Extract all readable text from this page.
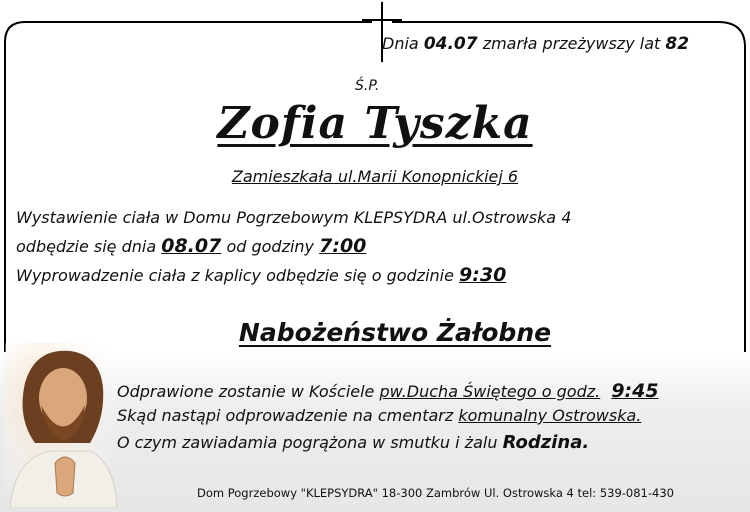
Dnia 04.07 zmarła przeżywszy lat 82
Ś.P.
Zofia Tyszka
Zamieszkała ul.Marii Konopnickiej 6
Wystawienie ciała w Domu Pogrzebowym KLEPSYDRA ul.Ostrowska 4
odbędzie się dnia 08.07 od godziny 7:00
Wyprowadzenie ciała z kaplicy odbędzie się o godzinie 9:30
Nabożeństwo Żałobne
Odprawione zostanie w Kościele pw.Ducha Świętego o godz. 9:45
Skąd nastąpi odprowadzenie na cmentarz komunalny Ostrowska.
O czym zawiadamia pogrążona w smutku i żalu Rodzina.
Dom Pogrzebowy "KLEPSYDRA" 18-300 Zambrów Ul. Ostrowska 4 tel: 539-081-430
